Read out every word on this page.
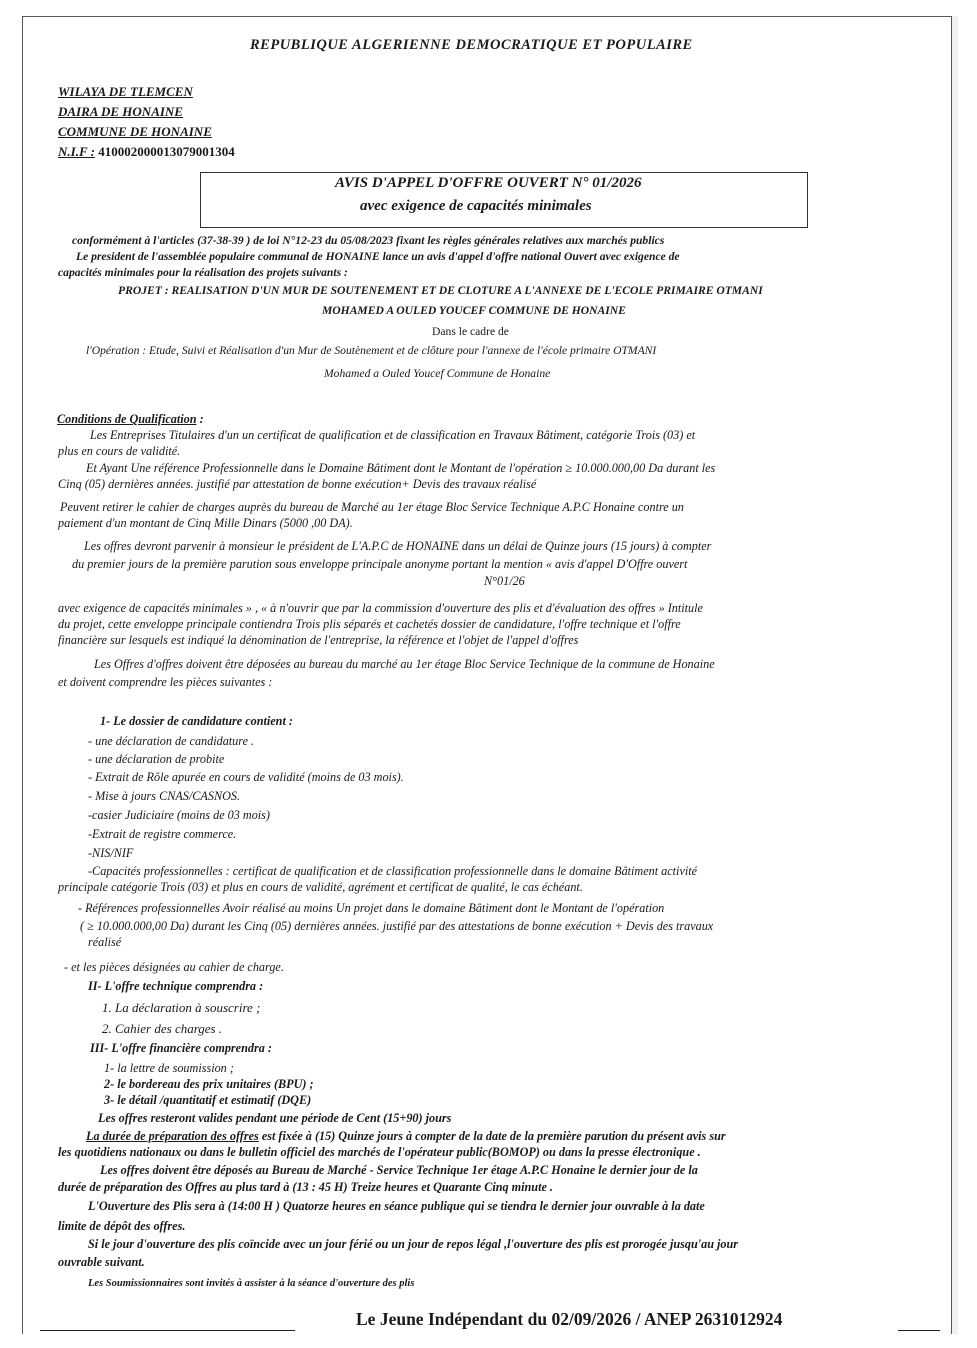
REPUBLIQUE ALGERIENNE DEMOCRATIQUE ET POPULAIRE
WILAYA DE TLEMCEN
DAIRA DE HONAINE
COMMUNE DE HONAINE
N.I.F : 410002000013079001304
AVIS D'APPEL D'OFFRE OUVERT N° 01/2026
avec exigence de capacités minimales
conformément à l'articles (37-38-39 ) de loi N°12-23 du 05/08/2023 fixant les règles générales relatives aux marchés publics
Le president de l'assemblée populaire communal de HONAINE lance un avis d'appel d'offre national Ouvert avec exigence de
capacités minimales pour la réalisation des projets suivants :
PROJET : REALISATION D'UN MUR DE SOUTENEMENT ET DE CLOTURE A L'ANNEXE DE L'ECOLE PRIMAIRE OTMANI
MOHAMED A OULED YOUCEF COMMUNE DE HONAINE
Dans le cadre de
l'Opération : Etude, Suivi et Réalisation d'un Mur de Soutènement et de clôture pour l'annexe de l'école primaire OTMANI
Mohamed a Ouled Youcef Commune de Honaine
Conditions de Qualification :
Les Entreprises Titulaires d'un un certificat de qualification et de classification en Travaux Bâtiment, catégorie Trois (03) et
plus en cours de validité.
Et Ayant Une référence Professionnelle dans le Domaine Bâtiment dont le Montant de l'opération ≥ 10.000.000,00 Da durant les
Cinq (05) dernières années. justifié par attestation de bonne exécution+ Devis des travaux réalisé
Peuvent retirer le cahier de charges auprès du bureau de Marché au 1er étage Bloc Service Technique A.P.C Honaine contre un
paiement d'un montant de Cinq Mille Dinars (5000 ,00 DA).
Les offres devront parvenir à monsieur le président de L'A.P.C de HONAINE dans un délai de Quinze jours (15 jours) à compter
du premier jours de la première parution sous enveloppe principale anonyme portant la mention « avis d'appel D'Offre ouvert
N°01/26
avec exigence de capacités minimales » , « à n'ouvrir que par la commission d'ouverture des plis et d'évaluation des offres » Intitule
du projet, cette enveloppe principale contiendra Trois plis séparés et cachetés dossier de candidature, l'offre technique et l'offre
financière sur lesquels est indiqué la dénomination de l'entreprise, la référence et l'objet de l'appel d'offres
Les Offres d'offres doivent être déposées au bureau du marché au 1er étage Bloc Service Technique de la commune de Honaine
et doivent comprendre les pièces suivantes :
1- Le dossier de candidature contient :
- une déclaration de candidature .
- une déclaration de probite
- Extrait de Rôle apurée en cours de validité (moins de 03 mois).
- Mise à jours CNAS/CASNOS.
-casier Judiciaire (moins de 03 mois)
-Extrait de registre commerce.
-NIS/NIF
-Capacités professionnelles : certificat de qualification et de classification professionnelle dans le domaine Bâtiment activité
principale catégorie Trois (03) et plus en cours de validité, agrément et certificat de qualité, le cas échéant.
- Références professionnelles Avoir réalisé au moins Un projet dans le domaine Bâtiment dont le Montant de l'opération
( ≥ 10.000.000,00 Da) durant les Cinq (05) dernières années. justifié par des attestations de bonne exécution + Devis des travaux
réalisé
- et les pièces désignées au cahier de charge.
II- L'offre technique comprendra :
1. La déclaration à souscrire ;
2. Cahier des charges .
III- L'offre financière comprendra :
1- la lettre de soumission ;
2- le bordereau des prix unitaires (BPU) ;
3- le détail /quantitatif et estimatif (DQE)
Les offres resteront valides pendant une période de Cent (15+90) jours
La durée de préparation des offres est fixée à (15) Quinze jours à compter de la date de la première parution du présent avis sur
les quotidiens nationaux ou dans le bulletin officiel des marchés de l'opérateur public(BOMOP) ou dans la presse électronique .
Les offres doivent être déposés au Bureau de Marché - Service Technique 1er étage A.P.C Honaine le dernier jour de la
durée de préparation des Offres au plus tard à (13 : 45 H) Treize heures et Quarante Cinq minute .
L'Ouverture des Plis sera à (14:00 H ) Quatorze heures en séance publique qui se tiendra le dernier jour ouvrable à la date
limite de dépôt des offres.
Si le jour d'ouverture des plis coïncide avec un jour férié ou un jour de repos légal ,l'ouverture des plis est prorogée jusqu'au jour
ouvrable suivant.
Les Soumissionnaires sont invités à assister à la séance d'ouverture des plis
Le Jeune Indépendant du 02/09/2026 / ANEP 2631012924
